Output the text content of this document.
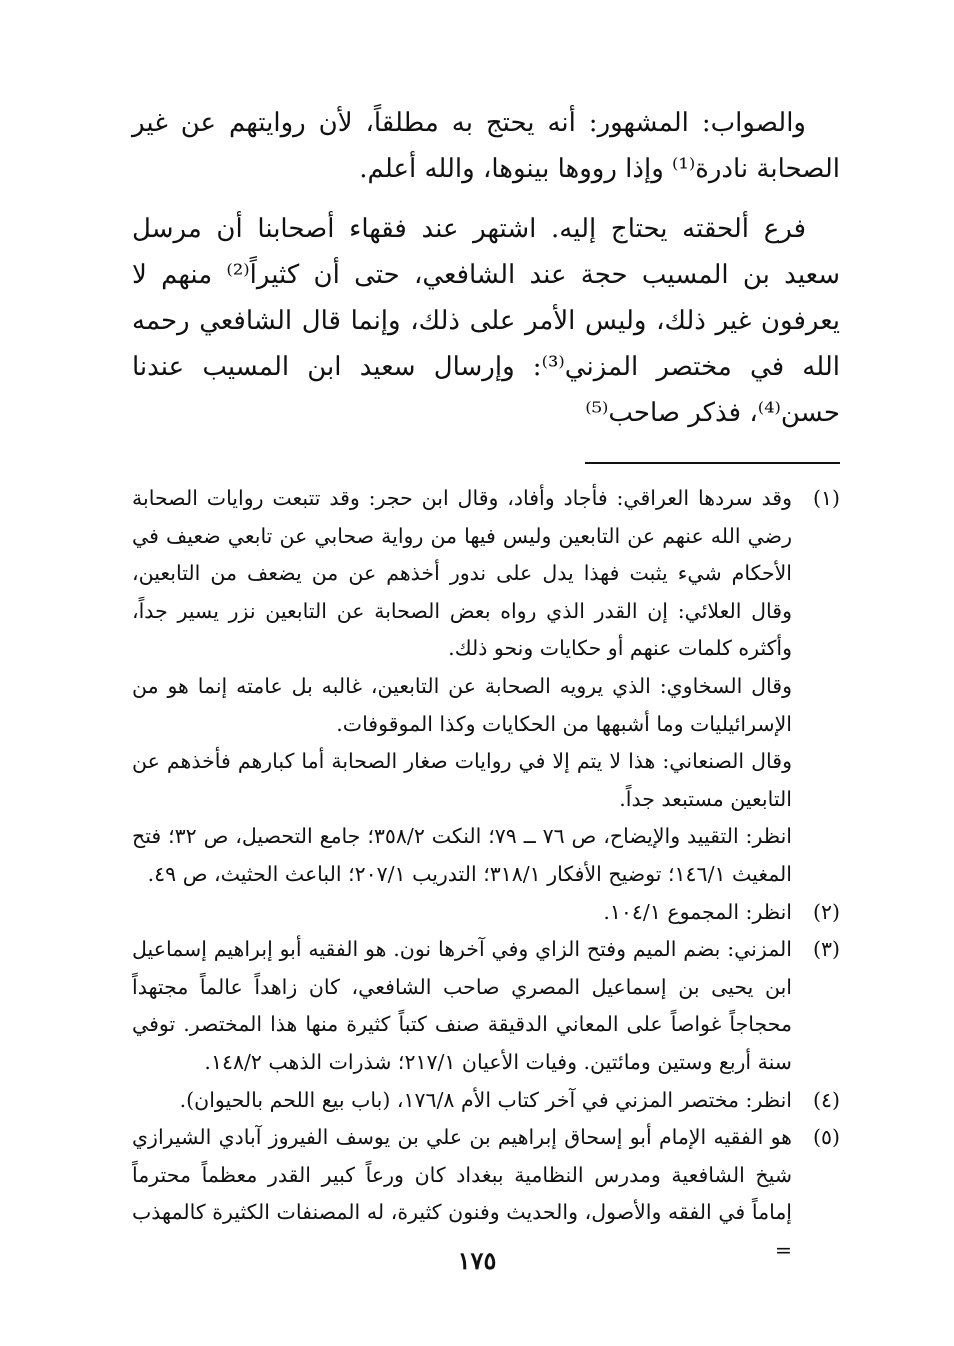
والصواب: المشهور: أنه يحتج به مطلقاً، لأن روايتهم عن غير الصحابة نادرة⁽¹⁾ وإذا رووها بينوها، والله أعلم.

فرع ألحقته يحتاج إليه. اشتهر عند فقهاء أصحابنا أن مرسل سعيد بن المسيب حجة عند الشافعي، حتى أن كثيراً⁽²⁾ منهم لا يعرفون غير ذلك، وليس الأمر على ذلك، وإنما قال الشافعي رحمه الله في مختصر المزني⁽³⁾: وإرسال سعيد ابن المسيب عندنا حسن⁽⁴⁾، فذكر صاحب⁽⁵⁾

(١)

وقد سردها العراقي: فأجاد وأفاد، وقال ابن حجر: وقد تتبعت روايات الصحابة رضي الله عنهم عن التابعين وليس فيها من رواية صحابي عن تابعي ضعيف في الأحكام شيء يثبت فهذا يدل على ندور أخذهم عن من يضعف من التابعين، وقال العلائي: إن القدر الذي رواه بعض الصحابة عن التابعين نزر يسير جداً، وأكثره كلمات عنهم أو حكايات ونحو ذلك.

وقال السخاوي: الذي يرويه الصحابة عن التابعين، غالبه بل عامته إنما هو من الإسرائيليات وما أشبهها من الحكايات وكذا الموقوفات.

وقال الصنعاني: هذا لا يتم إلا في روايات صغار الصحابة أما كبارهم فأخذهم عن التابعين مستبعد جداً.

انظر: التقييد والإيضاح، ص ٧٦ ــ ٧٩؛ النكت ٣٥٨/٢؛ جامع التحصيل، ص ٣٢؛ فتح المغيث ١٤٦/١؛ توضيح الأفكار ٣١٨/١؛ التدريب ٢٠٧/١؛ الباعث الحثيث، ص ٤٩.

(٢)

انظر: المجموع ١٠٤/١.

(٣)

المزني: بضم الميم وفتح الزاي وفي آخرها نون. هو الفقيه أبو إبراهيم إسماعيل ابن يحيى بن إسماعيل المصري صاحب الشافعي، كان زاهداً عالماً مجتهداً محجاجاً غواصاً على المعاني الدقيقة صنف كتباً كثيرة منها هذا المختصر. توفي سنة أربع وستين ومائتين. وفيات الأعيان ٢١٧/١؛ شذرات الذهب ١٤٨/٢.

(٤)

انظر: مختصر المزني في آخر كتاب الأم ١٧٦/٨، (باب بيع اللحم بالحيوان).

(٥)

هو الفقيه الإمام أبو إسحاق إبراهيم بن علي بن يوسف الفيروز آبادي الشيرازي شيخ الشافعية ومدرس النظامية ببغداد كان ورعاً كبير القدر معظماً محترماً إماماً في الفقه والأصول، والحديث وفنون كثيرة، له المصنفات الكثيرة كالمهذب =

١٧٥
